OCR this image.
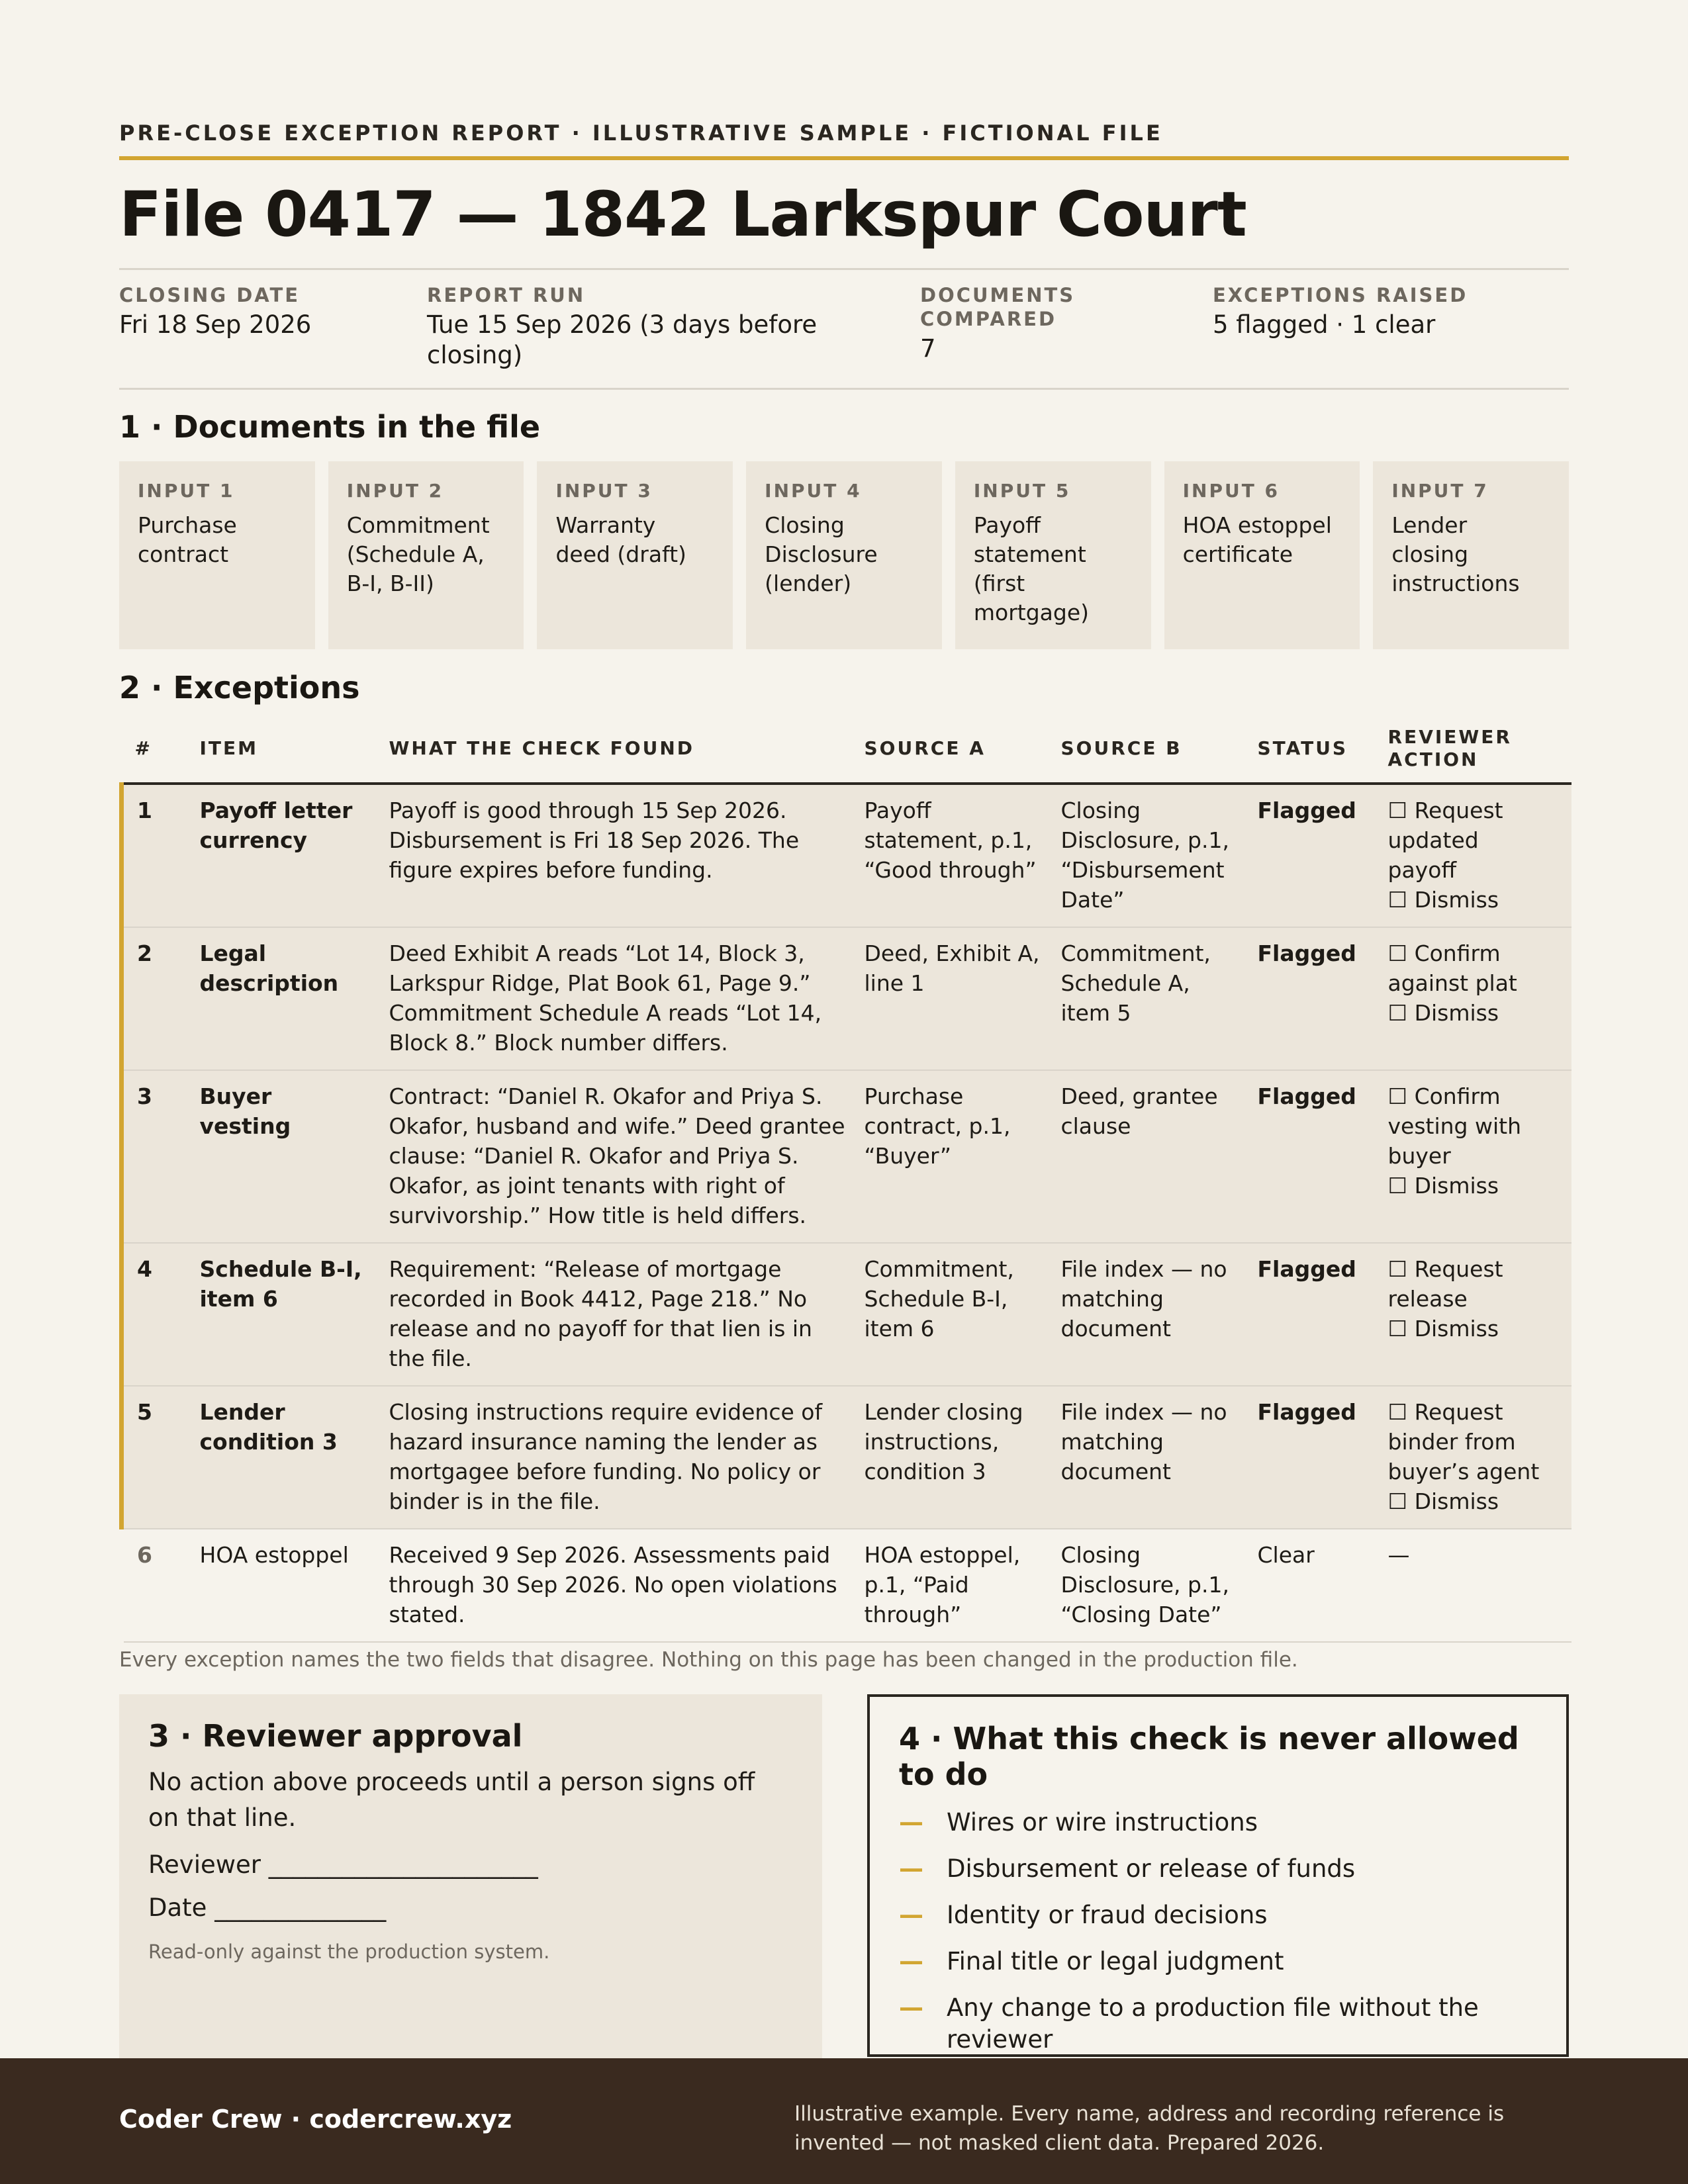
PRE-CLOSE EXCEPTION REPORT · ILLUSTRATIVE SAMPLE · FICTIONAL FILE
File 0417 — 1842 Larkspur Court
CLOSING DATE
Fri 18 Sep 2026
REPORT RUN
Tue 15 Sep 2026 (3 days before closing)
DOCUMENTS COMPARED
7
EXCEPTIONS RAISED
5 flagged · 1 clear
1 · Documents in the file
INPUT 1
Purchase contract
INPUT 2
Commitment (Schedule A, B-I, B-II)
INPUT 3
Warranty deed (draft)
INPUT 4
Closing Disclosure (lender)
INPUT 5
Payoff statement (first mortgage)
INPUT 6
HOA estoppel certificate
INPUT 7
Lender closing instructions
2 · Exceptions
#	ITEM	WHAT THE CHECK FOUND	SOURCE A	SOURCE B	STATUS	REVIEWER ACTION
1	Payoff letter currency	Payoff is good through 15 Sep 2026. Disbursement is Fri 18 Sep 2026. The figure expires before funding.	Payoff statement, p.1, “Good through”	Closing Disclosure, p.1, “Disbursement Date”	Flagged	☐ Request updated payoff
☐ Dismiss

2	Legal description	Deed Exhibit A reads “Lot 14, Block 3, Larkspur Ridge, Plat Book 61, Page 9.” Commitment Schedule A reads “Lot 14, Block 8.” Block number differs.	Deed, Exhibit A, line 1	Commitment, Schedule A, item 5	Flagged	☐ Confirm against plat
☐ Dismiss

3	Buyer vesting	Contract: “Daniel R. Okafor and Priya S. Okafor, husband and wife.” Deed grantee clause: “Daniel R. Okafor and Priya S. Okafor, as joint tenants with right of survivorship.” How title is held differs.	Purchase contract, p.1, “Buyer”	Deed, grantee clause	Flagged	☐ Confirm vesting with buyer
☐ Dismiss

4	Schedule B-I, item 6	Requirement: “Release of mortgage recorded in Book 4412, Page 218.” No release and no payoff for that lien is in the file.	Commitment, Schedule B-I, item 6	File index — no matching document	Flagged	☐ Request release
☐ Dismiss

5	Lender condition 3	Closing instructions require evidence of hazard insurance naming the lender as mortgagee before funding. No policy or binder is in the file.	Lender closing instructions, condition 3	File index — no matching document	Flagged	☐ Request binder from buyer’s agent
☐ Dismiss

6	HOA estoppel	Received 9 Sep 2026. Assessments paid through 30 Sep 2026. No open violations stated.	HOA estoppel, p.1, “Paid through”	Closing Disclosure, p.1, “Closing Date”	Clear	—
Every exception names the two fields that disagree. Nothing on this page has been changed in the production file.
3 · Reviewer approval
No action above proceeds until a person signs off on that line.
Reviewer ______________________
Date ______________
Read-only against the production system.
4 · What this check is never allowed to do
— Wires or wire instructions
— Disbursement or release of funds
— Identity or fraud decisions
— Final title or legal judgment
— Any change to a production file without the reviewer
Coder Crew · codercrew.xyz	Illustrative example. Every name, address and recording reference is invented — not masked client data. Prepared 2026.
